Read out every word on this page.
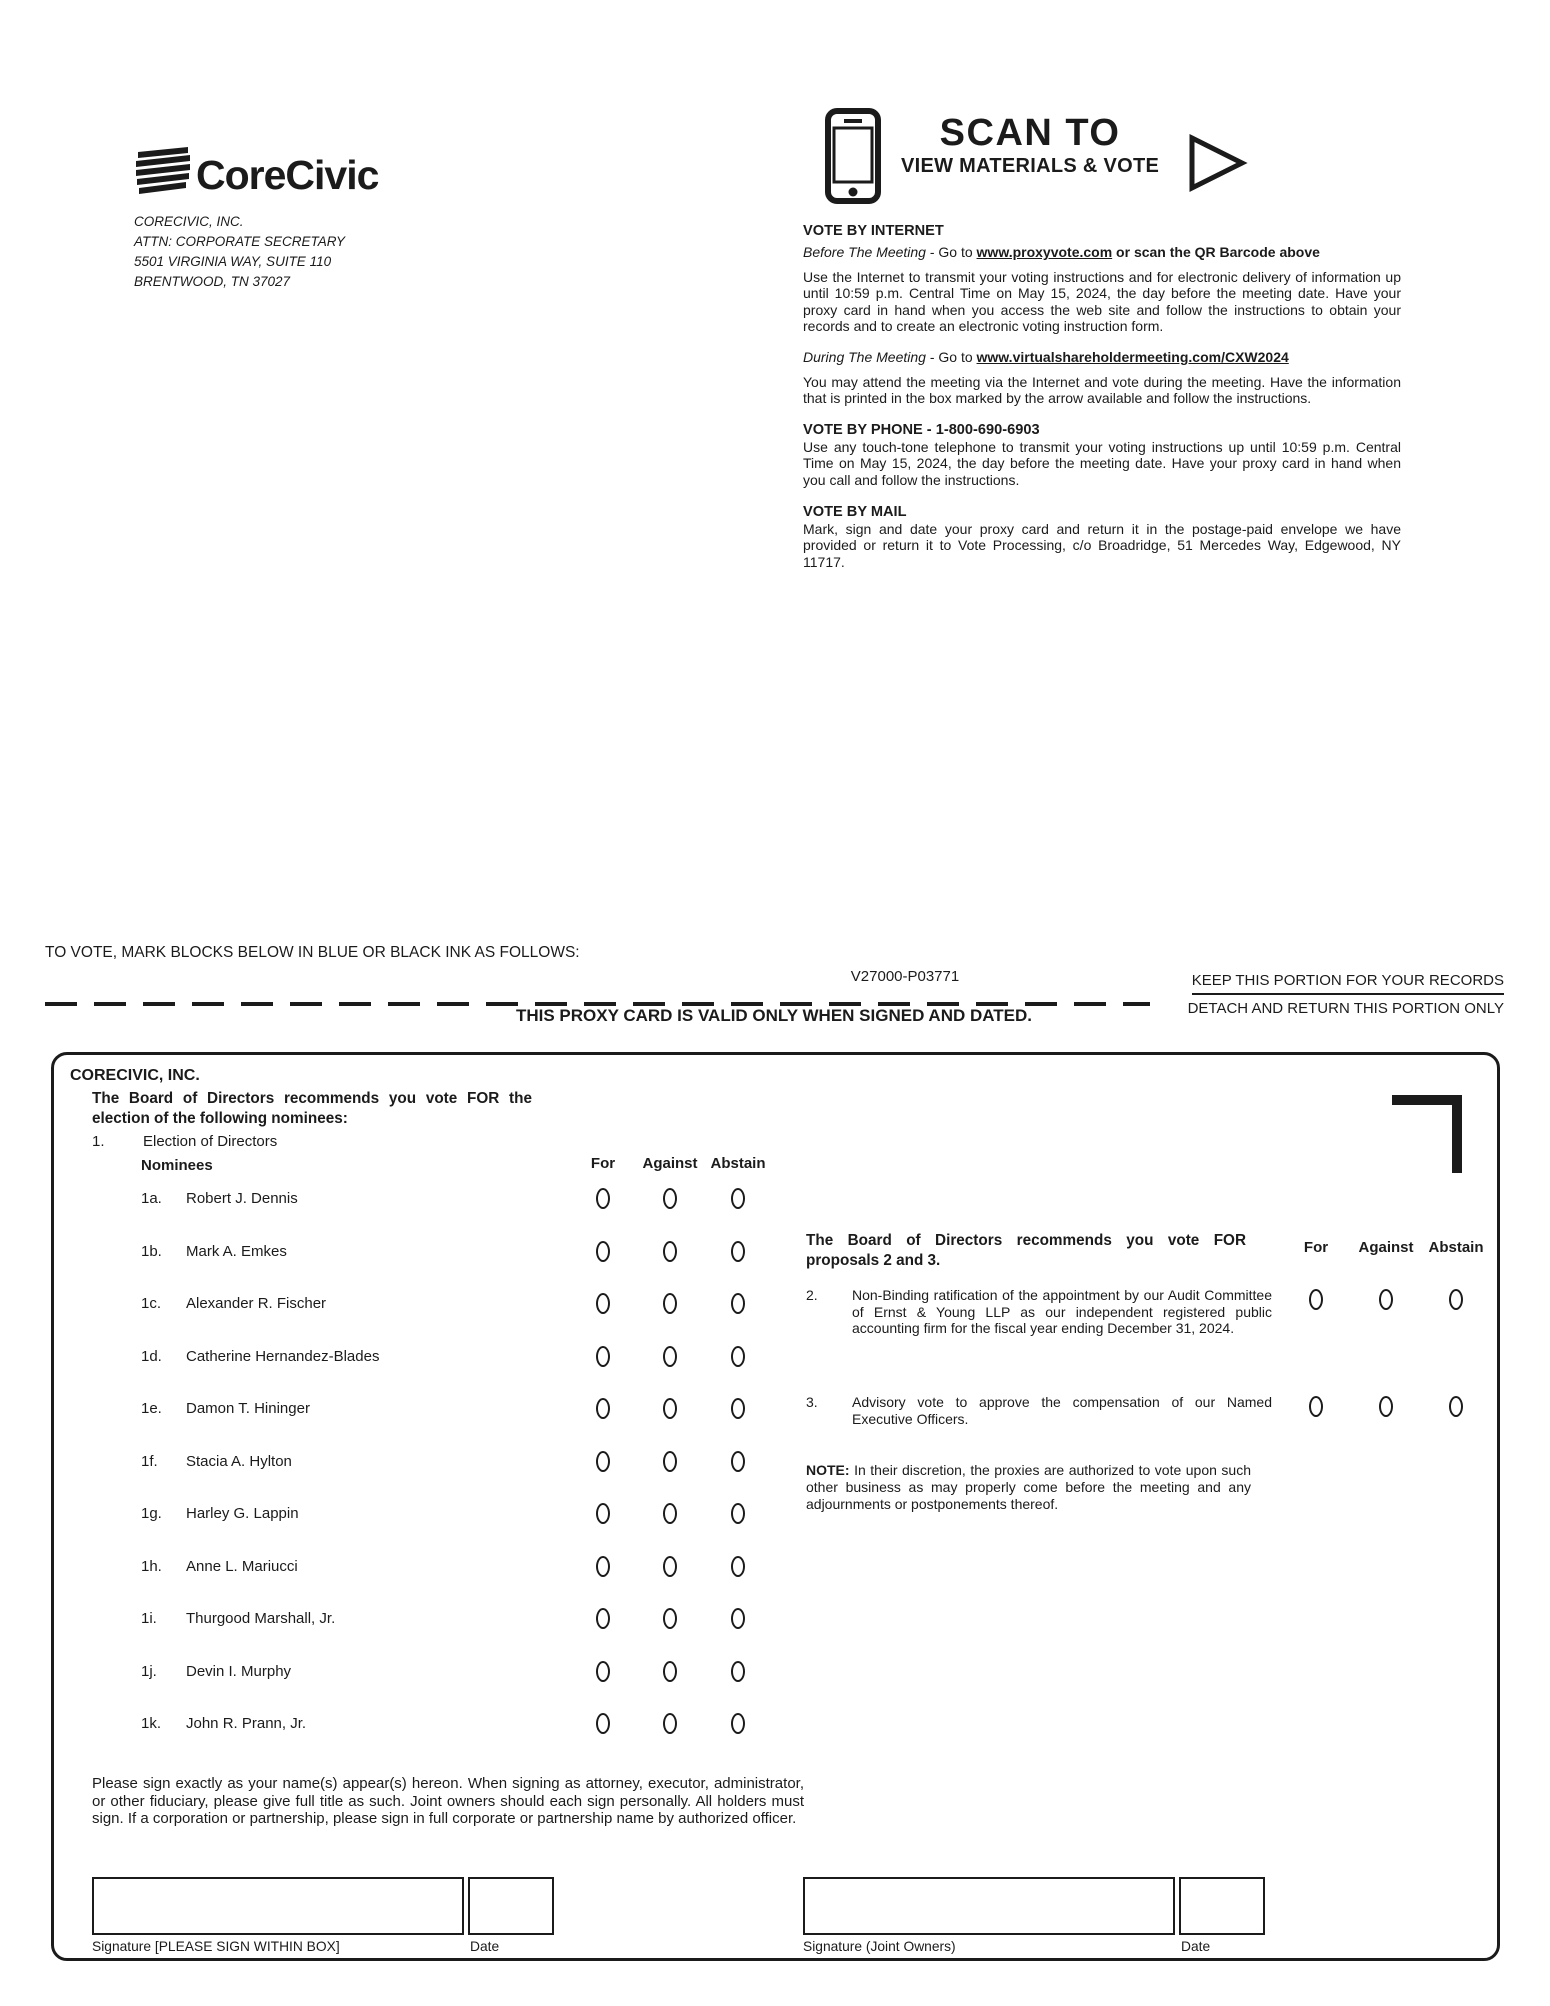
CoreCivic
CORECIVIC, INC.
ATTN: CORPORATE SECRETARY
5501 VIRGINIA WAY, SUITE 110
BRENTWOOD, TN 37027
SCAN TO
VIEW MATERIALS & VOTE
VOTE BY INTERNET

Before The Meeting - Go to www.proxyvote.com or scan the QR Barcode above

Use the Internet to transmit your voting instructions and for electronic delivery of information up until 10:59 p.m. Central Time on May 15, 2024, the day before the meeting date. Have your proxy card in hand when you access the web site and follow the instructions to obtain your records and to create an electronic voting instruction form.

During The Meeting - Go to www.virtualshareholdermeeting.com/CXW2024

You may attend the meeting via the Internet and vote during the meeting. Have the information that is printed in the box marked by the arrow available and follow the instructions.

VOTE BY PHONE - 1-800-690-6903

Use any touch-tone telephone to transmit your voting instructions up until 10:59 p.m. Central Time on May 15, 2024, the day before the meeting date. Have your proxy card in hand when you call and follow the instructions.

VOTE BY MAIL

Mark, sign and date your proxy card and return it in the postage-paid envelope we have provided or return it to Vote Processing, c/o Broadridge, 51 Mercedes Way, Edgewood, NY 11717.

TO VOTE, MARK BLOCKS BELOW IN BLUE OR BLACK INK AS FOLLOWS:
V27000-P03771	KEEP THIS PORTION FOR YOUR RECORDS
THIS PROXY CARD IS VALID ONLY WHEN SIGNED AND DATED.	DETACH AND RETURN THIS PORTION ONLY
CORECIVIC, INC.
The Board of Directors recommends you vote FOR the election of the following nominees:
1.	Election of Directors
Nominees	For Against Abstain
1a. Robert J. Dennis
1b. Mark A. Emkes
1c. Alexander R. Fischer
1d. Catherine Hernandez-Blades
1e. Damon T. Hininger
1f. Stacia A. Hylton
1g. Harley G. Lappin
1h. Anne L. Mariucci
1i. Thurgood Marshall, Jr.
1j. Devin I. Murphy
1k. John R. Prann, Jr.
The Board of Directors recommends you vote FOR proposals 2 and 3.
For Against Abstain
2. Non-Binding ratification of the appointment by our Audit Committee of Ernst & Young LLP as our independent registered public accounting firm for the fiscal year ending December 31, 2024.
3. Advisory vote to approve the compensation of our Named Executive Officers.
NOTE: In their discretion, the proxies are authorized to vote upon such other business as may properly come before the meeting and any adjournments or postponements thereof.
Please sign exactly as your name(s) appear(s) hereon. When signing as attorney, executor, administrator, or other fiduciary, please give full title as such. Joint owners should each sign personally. All holders must sign. If a corporation or partnership, please sign in full corporate or partnership name by authorized officer.
Signature [PLEASE SIGN WITHIN BOX]	Date	Signature (Joint Owners)	Date
